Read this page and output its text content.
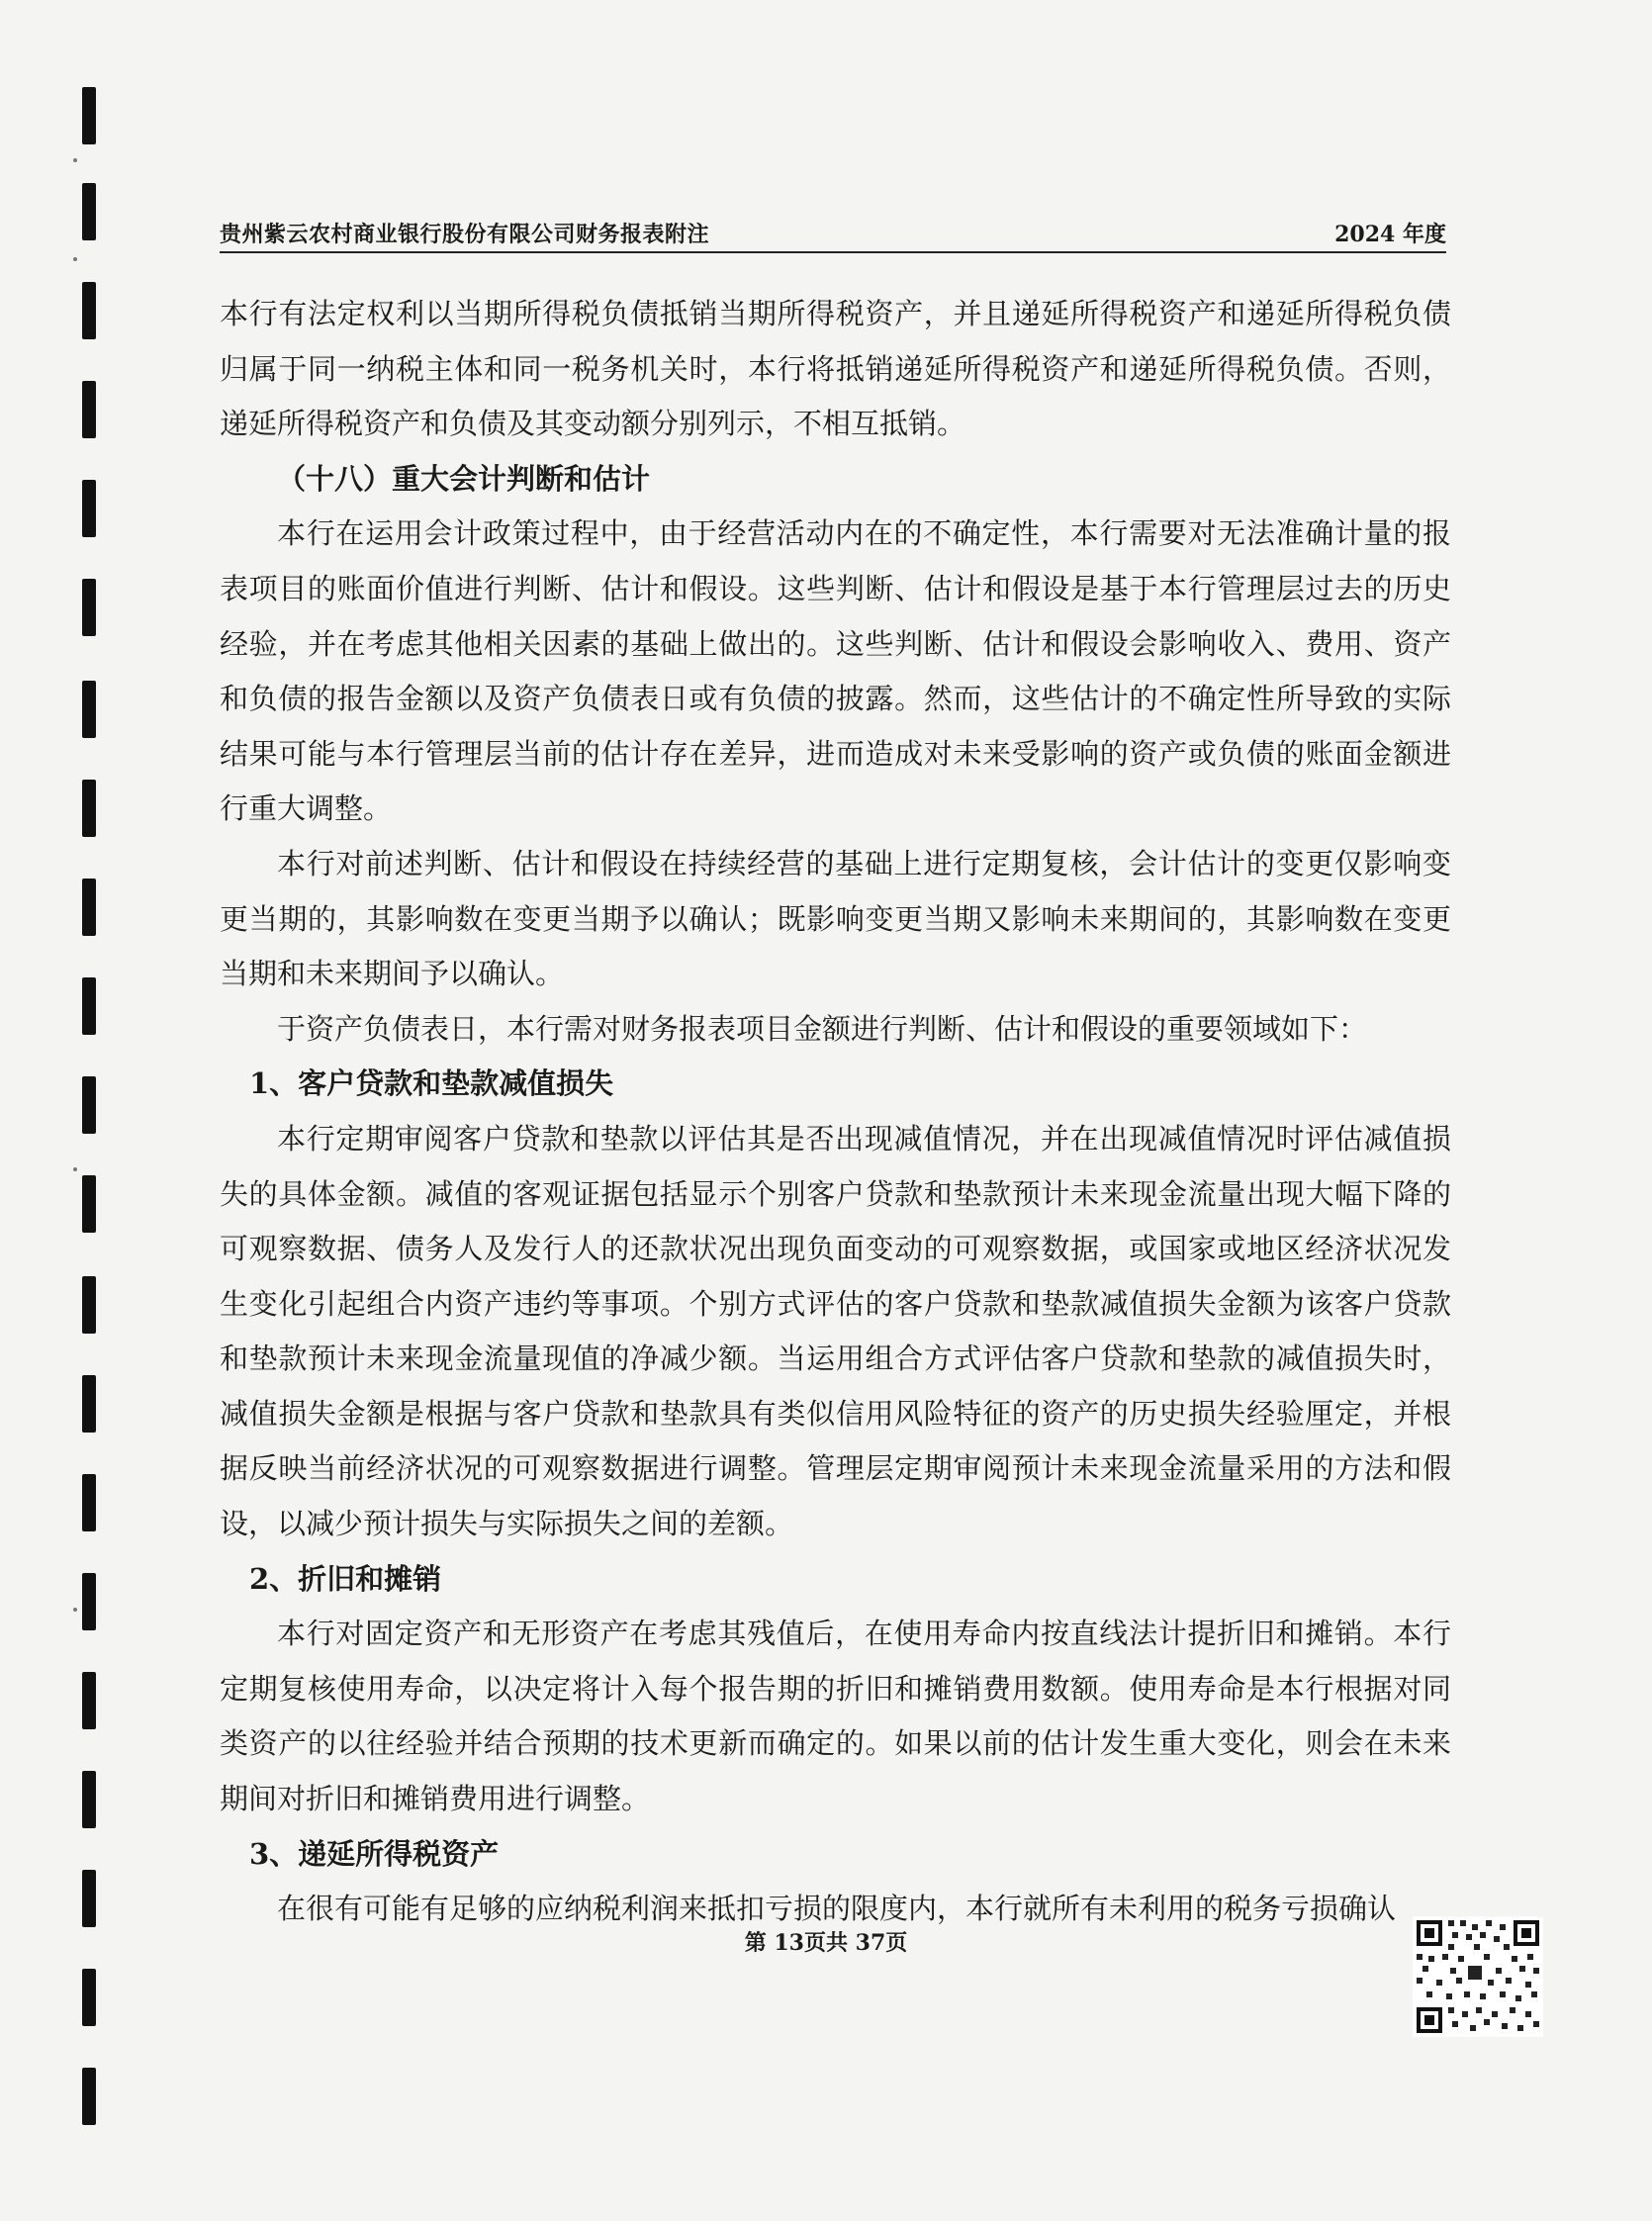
贵州紫云农村商业银行股份有限公司财务报表附注	2024 年度

本行有法定权利以当期所得税负债抵销当期所得税资产，并且递延所得税资产和递延所得税负债归属于同一纳税主体和同一税务机关时，本行将抵销递延所得税资产和递延所得税负债。否则，递延所得税资产和负债及其变动额分别列示，不相互抵销。

（十八）重大会计判断和估计

本行在运用会计政策过程中，由于经营活动内在的不确定性，本行需要对无法准确计量的报表项目的账面价值进行判断、估计和假设。这些判断、估计和假设是基于本行管理层过去的历史经验，并在考虑其他相关因素的基础上做出的。这些判断、估计和假设会影响收入、费用、资产和负债的报告金额以及资产负债表日或有负债的披露。然而，这些估计的不确定性所导致的实际结果可能与本行管理层当前的估计存在差异，进而造成对未来受影响的资产或负债的账面金额进行重大调整。

本行对前述判断、估计和假设在持续经营的基础上进行定期复核，会计估计的变更仅影响变更当期的，其影响数在变更当期予以确认；既影响变更当期又影响未来期间的，其影响数在变更当期和未来期间予以确认。

于资产负债表日，本行需对财务报表项目金额进行判断、估计和假设的重要领域如下：

1、客户贷款和垫款减值损失

本行定期审阅客户贷款和垫款以评估其是否出现减值情况，并在出现减值情况时评估减值损失的具体金额。减值的客观证据包括显示个别客户贷款和垫款预计未来现金流量出现大幅下降的可观察数据、债务人及发行人的还款状况出现负面变动的可观察数据，或国家或地区经济状况发生变化引起组合内资产违约等事项。个别方式评估的客户贷款和垫款减值损失金额为该客户贷款和垫款预计未来现金流量现值的净减少额。当运用组合方式评估客户贷款和垫款的减值损失时，减值损失金额是根据与客户贷款和垫款具有类似信用风险特征的资产的历史损失经验厘定，并根据反映当前经济状况的可观察数据进行调整。管理层定期审阅预计未来现金流量采用的方法和假设，以减少预计损失与实际损失之间的差额。

2、折旧和摊销

本行对固定资产和无形资产在考虑其残值后，在使用寿命内按直线法计提折旧和摊销。本行定期复核使用寿命，以决定将计入每个报告期的折旧和摊销费用数额。使用寿命是本行根据对同类资产的以往经验并结合预期的技术更新而确定的。如果以前的估计发生重大变化，则会在未来期间对折旧和摊销费用进行调整。

3、递延所得税资产

在很有可能有足够的应纳税利润来抵扣亏损的限度内，本行就所有未利用的税务亏损确认

第 13页共 37页
